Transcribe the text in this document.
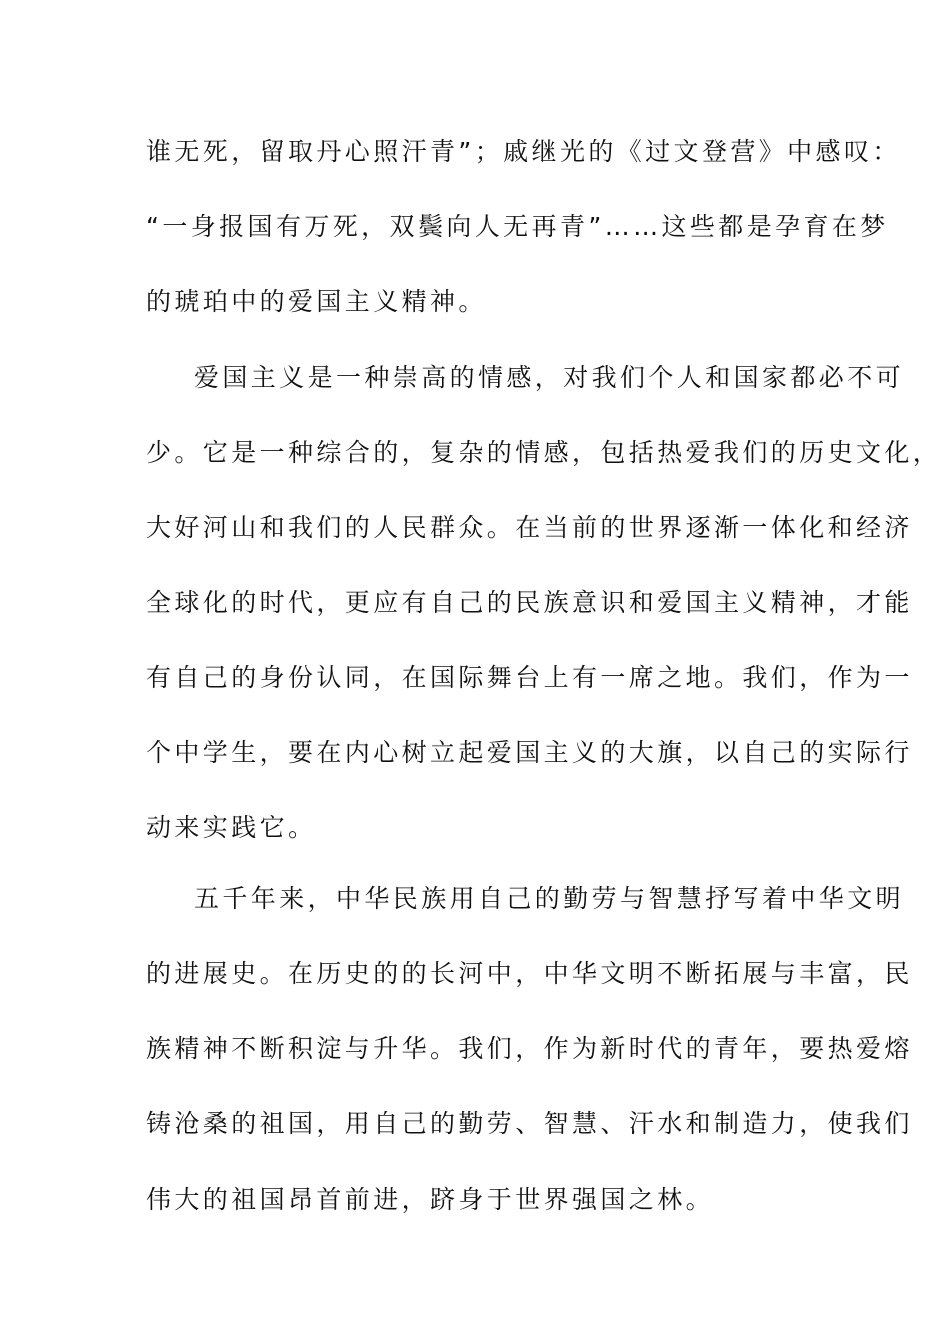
谁无死，留取丹心照汗青”；戚继光的《过文登营》中感叹：
“一身报国有万死，双鬓向人无再青”……这些都是孕育在梦
的琥珀中的爱国主义精神。
爱国主义是一种崇高的情感，对我们个人和国家都必不可
少。它是一种综合的，复杂的情感，包括热爱我们的历史文化，
大好河山和我们的人民群众。在当前的世界逐渐一体化和经济
全球化的时代，更应有自己的民族意识和爱国主义精神，才能
有自己的身份认同，在国际舞台上有一席之地。我们，作为一
个中学生，要在内心树立起爱国主义的大旗，以自己的实际行
动来实践它。
五千年来，中华民族用自己的勤劳与智慧抒写着中华文明
的进展史。在历史的的长河中，中华文明不断拓展与丰富，民
族精神不断积淀与升华。我们，作为新时代的青年，要热爱熔
铸沧桑的祖国，用自己的勤劳、智慧、汗水和制造力，使我们
伟大的祖国昂首前进，跻身于世界强国之林。
